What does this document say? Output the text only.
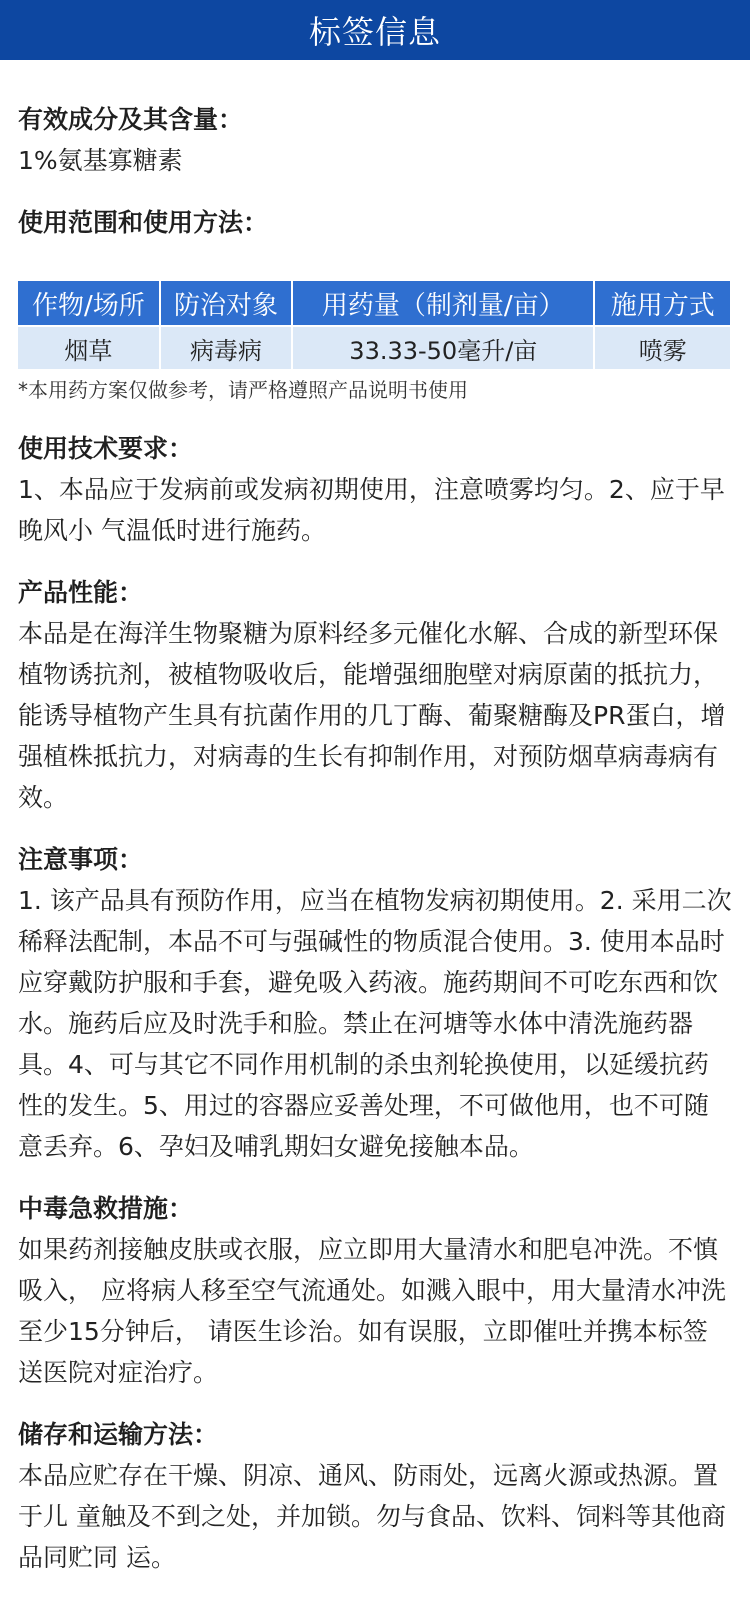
标签信息
有效成分及其含量：
1%氨基寡糖素
使用范围和使用方法：
作物/场所	防治对象	用药量（制剂量/亩）	施用方式
烟草	病毒病	33.33-50毫升/亩	喷雾
*本用药方案仅做参考，请严格遵照产品说明书使用
使用技术要求：
1、本品应于发病前或发病初期使用，注意喷雾均匀。2、应于早晚风小 气温低时进行施药。
产品性能：
本品是在海洋生物聚糖为原料经多元催化水解、合成的新型环保植物诱抗剂，被植物吸收后，能增强细胞壁对病原菌的抵抗力，能诱导植物产生具有抗菌作用的几丁酶、葡聚糖酶及PR蛋白，增强植株抵抗力，对病毒的生长有抑制作用，对预防烟草病毒病有效。
注意事项：
1. 该产品具有预防作用，应当在植物发病初期使用。2. 采用二次稀释法配制，本品不可与强碱性的物质混合使用。3. 使用本品时应穿戴防护服和手套，避免吸入药液。施药期间不可吃东西和饮水。施药后应及时洗手和脸。禁止在河塘等水体中清洗施药器具。4、可与其它不同作用机制的杀虫剂轮换使用，以延缓抗药性的发生。5、用过的容器应妥善处理，不可做他用，也不可随意丢弃。6、孕妇及哺乳期妇女避免接触本品。
中毒急救措施：
如果药剂接触皮肤或衣服，应立即用大量清水和肥皂冲洗。不慎吸入， 应将病人移至空气流通处。如溅入眼中，用大量清水冲洗至少15分钟后， 请医生诊治。如有误服，立即催吐并携本标签送医院对症治疗。
储存和运输方法：
本品应贮存在干燥、阴凉、通风、防雨处，远离火源或热源。置于儿 童触及不到之处，并加锁。勿与食品、饮料、饲料等其他商品同贮同 运。
